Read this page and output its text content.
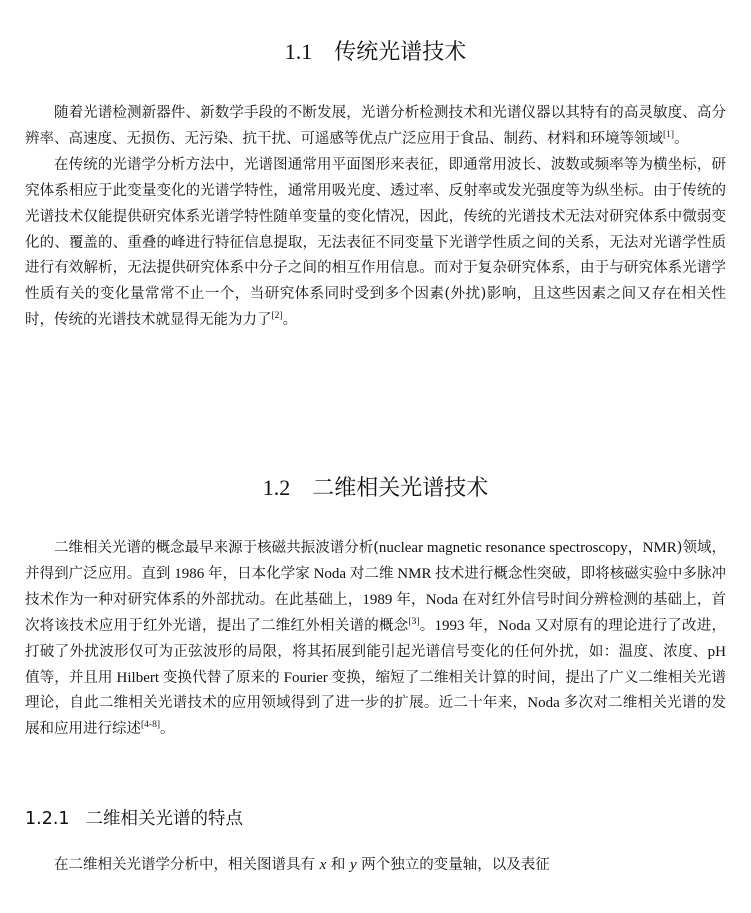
1.1 传统光谱技术

随着光谱检测新器件、新数学手段的不断发展，光谱分析检测技术和光谱仪器以其特有的高灵敏度、高分辨率、高速度、无损伤、无污染、抗干扰、可遥感等优点广泛应用于食品、制药、材料和环境等领域[1]。

在传统的光谱学分析方法中，光谱图通常用平面图形来表征，即通常用波长、波数或频率等为横坐标，研究体系相应于此变量变化的光谱学特性，通常用吸光度、透过率、反射率或发光强度等为纵坐标。由于传统的光谱技术仅能提供研究体系光谱学特性随单变量的变化情况，因此，传统的光谱技术无法对研究体系中微弱变化的、覆盖的、重叠的峰进行特征信息提取，无法表征不同变量下光谱学性质之间的关系，无法对光谱学性质进行有效解析，无法提供研究体系中分子之间的相互作用信息。而对于复杂研究体系，由于与研究体系光谱学性质有关的变化量常常不止一个，当研究体系同时受到多个因素(外扰)影响，且这些因素之间又存在相关性时，传统的光谱技术就显得无能为力了[2]。

1.2 二维相关光谱技术

二维相关光谱的概念最早来源于核磁共振波谱分析(nuclear magnetic resonance spectroscopy，NMR)领域，并得到广泛应用。直到 1986 年，日本化学家 Noda 对二维 NMR 技术进行概念性突破，即将核磁实验中多脉冲技术作为一种对研究体系的外部扰动。在此基础上，1989 年，Noda 在对红外信号时间分辨检测的基础上，首次将该技术应用于红外光谱，提出了二维红外相关谱的概念[3]。1993 年，Noda 又对原有的理论进行了改进，打破了外扰波形仅可为正弦波形的局限，将其拓展到能引起光谱信号变化的任何外扰，如：温度、浓度、pH 值等，并且用 Hilbert 变换代替了原来的 Fourier 变换，缩短了二维相关计算的时间，提出了广义二维相关光谱理论，自此二维相关光谱技术的应用领域得到了进一步的扩展。近二十年来，Noda 多次对二维相关光谱的发展和应用进行综述[4-8]。

1.2.1 二维相关光谱的特点

在二维相关光谱学分析中，相关图谱具有 x 和 y 两个独立的变量轴，以及表征
